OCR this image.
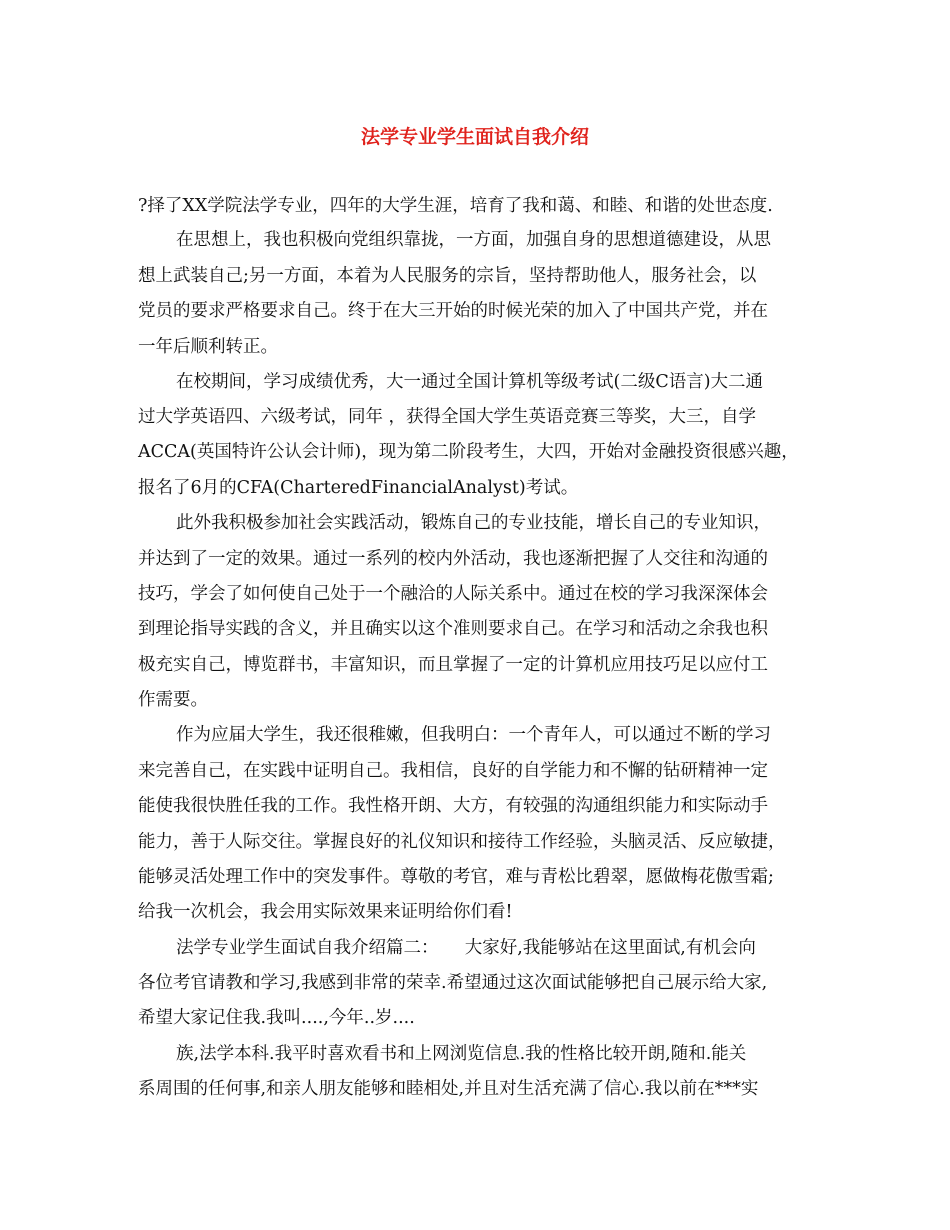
法学专业学生面试自我介绍

?择了XX学院法学专业，四年的大学生涯，培育了我和蔼、和睦、和谐的处世态度.

在思想上，我也积极向党组织靠拢，一方面，加强自身的思想道德建设，从思

想上武装自己;另一方面，本着为人民服务的宗旨，坚持帮助他人，服务社会，以

党员的要求严格要求自己。终于在大三开始的时候光荣的加入了中国共产党，并在

一年后顺利转正。

在校期间，学习成绩优秀，大一通过全国计算机等级考试(二级C语言)大二通

过大学英语四、六级考试，同年 ，获得全国大学生英语竞赛三等奖，大三，自学

ACCA(英国特许公认会计师)，现为第二阶段考生，大四，开始对金融投资很感兴趣，

报名了6月的CFA(CharteredFinancialAnalyst)考试。

此外我积极参加社会实践活动，锻炼自己的专业技能，增长自己的专业知识，

并达到了一定的效果。通过一系列的校内外活动，我也逐渐把握了人交往和沟通的

技巧，学会了如何使自己处于一个融洽的人际关系中。通过在校的学习我深深体会

到理论指导实践的含义，并且确实以这个准则要求自己。在学习和活动之余我也积

极充实自己，博览群书，丰富知识，而且掌握了一定的计算机应用技巧足以应付工

作需要。

作为应届大学生，我还很稚嫩，但我明白：一个青年人，可以通过不断的学习

来完善自己，在实践中证明自己。我相信，良好的自学能力和不懈的钻研精神一定

能使我很快胜任我的工作。我性格开朗、大方，有较强的沟通组织能力和实际动手

能力，善于人际交往。掌握良好的礼仪知识和接待工作经验，头脑灵活、反应敏捷，

能够灵活处理工作中的突发事件。尊敬的考官，难与青松比碧翠，愿做梅花傲雪霜;

给我一次机会，我会用实际效果来证明给你们看!

法学专业学生面试自我介绍篇二：　　大家好,我能够站在这里面试,有机会向

各位考官请教和学习,我感到非常的荣幸.希望通过这次面试能够把自己展示给大家,

希望大家记住我.我叫....,今年..岁....

族,法学本科.我平时喜欢看书和上网浏览信息.我的性格比较开朗,随和.能关

系周围的任何事,和亲人朋友能够和睦相处,并且对生活充满了信心.我以前在***实
